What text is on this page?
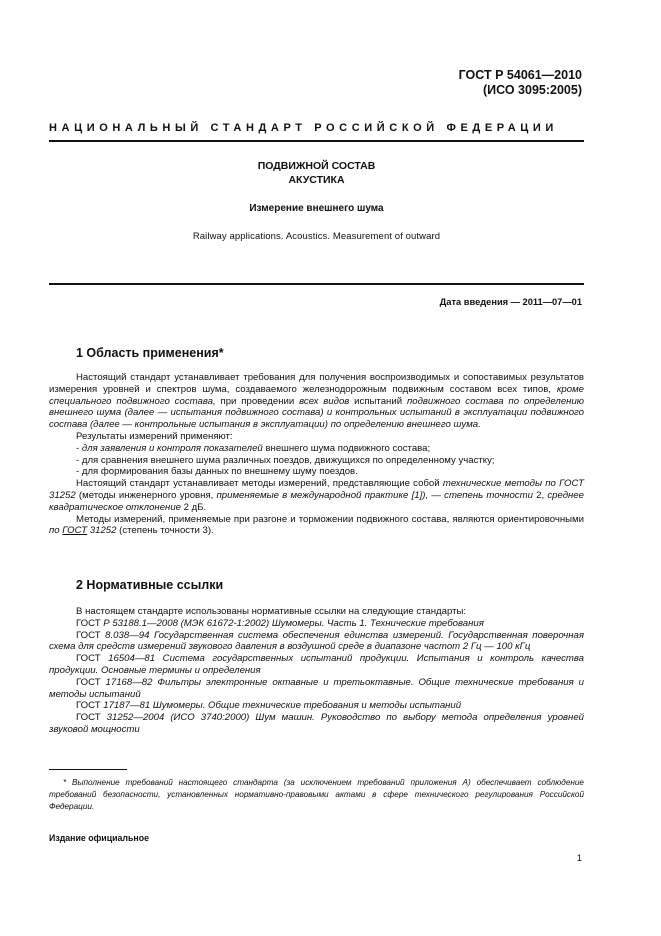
ГОСТ Р 54061—2010
(ИСО 3095:2005)
НАЦИОНАЛЬНЫЙ СТАНДАРТ РОССИЙСКОЙ ФЕДЕРАЦИИ
ПОДВИЖНОЙ СОСТАВ
АКУСТИКА
Измерение внешнего шума
Railway applications. Acoustics. Measurement of outward
Дата введения — 2011—07—01
1 Область применения*

Настоящий стандарт устанавливает требования для получения воспроизводимых и сопоставимых результатов измерения уровней и спектров шума, создаваемого железнодорожным подвижным составом всех типов, кроме специального подвижного состава, при проведении всех видов испытаний подвижного состава по определению внешнего шума (далее — испытания подвижного состава) и контрольных испытаний в эксплуатации подвижного состава (далее — контрольные испытания в эксплуатации) по определению внешнего шума.

Результаты измерений применяют:

- для заявления и контроля показателей внешнего шума подвижного состава;

- для сравнения внешнего шума различных поездов, движущихся по определенному участку;

- для формирования базы данных по внешнему шуму поездов.

Настоящий стандарт устанавливает методы измерений, представляющие собой технические методы по ГОСТ 31252 (методы инженерного уровня, применяемые в международной практике [1]), — степень точности 2, среднее квадратическое отклонение 2 дБ.

Методы измерений, применяемые при разгоне и торможении подвижного состава, являются ориентировочными по ГОСТ 31252 (степень точности 3).

2 Нормативные ссылки

В настоящем стандарте использованы нормативные ссылки на следующие стандарты:

ГОСТ Р 53188.1—2008 (МЭК 61672-1:2002) Шумомеры. Часть 1. Технические требования

ГОСТ 8.038—94 Государственная система обеспечения единства измерений. Государственная поверочная схема для средств измерений звукового давления в воздушной среде в диапазоне частот 2 Гц — 100 кГц

ГОСТ 16504—81 Система государственных испытаний продукции. Испытания и контроль качества продукции. Основные термины и определения

ГОСТ 17168—82 Фильтры электронные октавные и третьоктавные. Общие технические требования и методы испытаний

ГОСТ 17187—81 Шумомеры. Общие технические требования и методы испытаний

ГОСТ 31252—2004 (ИСО 3740:2000) Шум машин. Руководство по выбору метода определения уровней звуковой мощности

* Выполнение требований настоящего стандарта (за исключением требований приложения А) обеспечивает соблюдение требований безопасности, установленных нормативно-правовыми актами в сфере технического регулирования Российской Федерации.
Издание официальное
1
